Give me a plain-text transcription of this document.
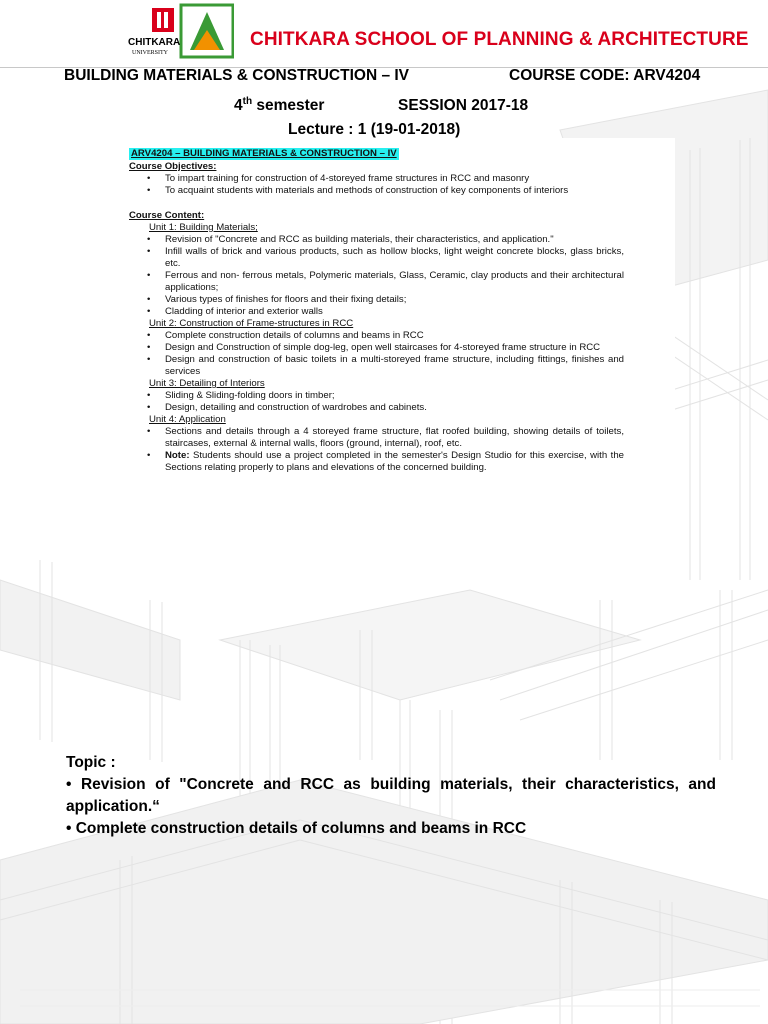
CHITKARA
UNIVERSITY
CHITKARA SCHOOL OF PLANNING & ARCHITECTURE
BUILDING MATERIALS & CONSTRUCTION – IV	COURSE CODE: ARV4204
4th semester	SESSION 2017-18
Lecture : 1 (19-01-2018)
ARV4204 – BUILDING MATERIALS & CONSTRUCTION – IV
Course Objectives:
• To impart training for construction of 4-storeyed frame structures in RCC and masonry
• To acquaint students with materials and methods of construction of key components of interiors
Course Content:
Unit 1: Building Materials;
• Revision of "Concrete and RCC as building materials, their characteristics, and application."
• Infill walls of brick and various products, such as hollow blocks, light weight concrete blocks, glass bricks, etc.
• Ferrous and non- ferrous metals, Polymeric materials, Glass, Ceramic, clay products and their architectural applications;
• Various types of finishes for floors and their fixing details;
• Cladding of interior and exterior walls
Unit 2: Construction of Frame-structures in RCC
• Complete construction details of columns and beams in RCC
• Design and Construction of simple dog-leg, open well staircases for 4-storeyed frame structure in RCC
• Design and construction of basic toilets in a multi-storeyed frame structure, including fittings, finishes and services
Unit 3: Detailing of Interiors
• Sliding & Sliding-folding doors in timber;
• Design, detailing and construction of wardrobes and cabinets.
Unit 4: Application
• Sections and details through a 4 storeyed frame structure, flat roofed building, showing details of toilets, staircases, external & internal walls, floors (ground, internal), roof, etc.
• Note: Students should use a project completed in the semester's Design Studio for this exercise, with the Sections relating properly to plans and elevations of the concerned building.

Topic :

• Revision of "Concrete and RCC as building materials, their characteristics, and application.“

• Complete construction details of columns and beams in RCC
